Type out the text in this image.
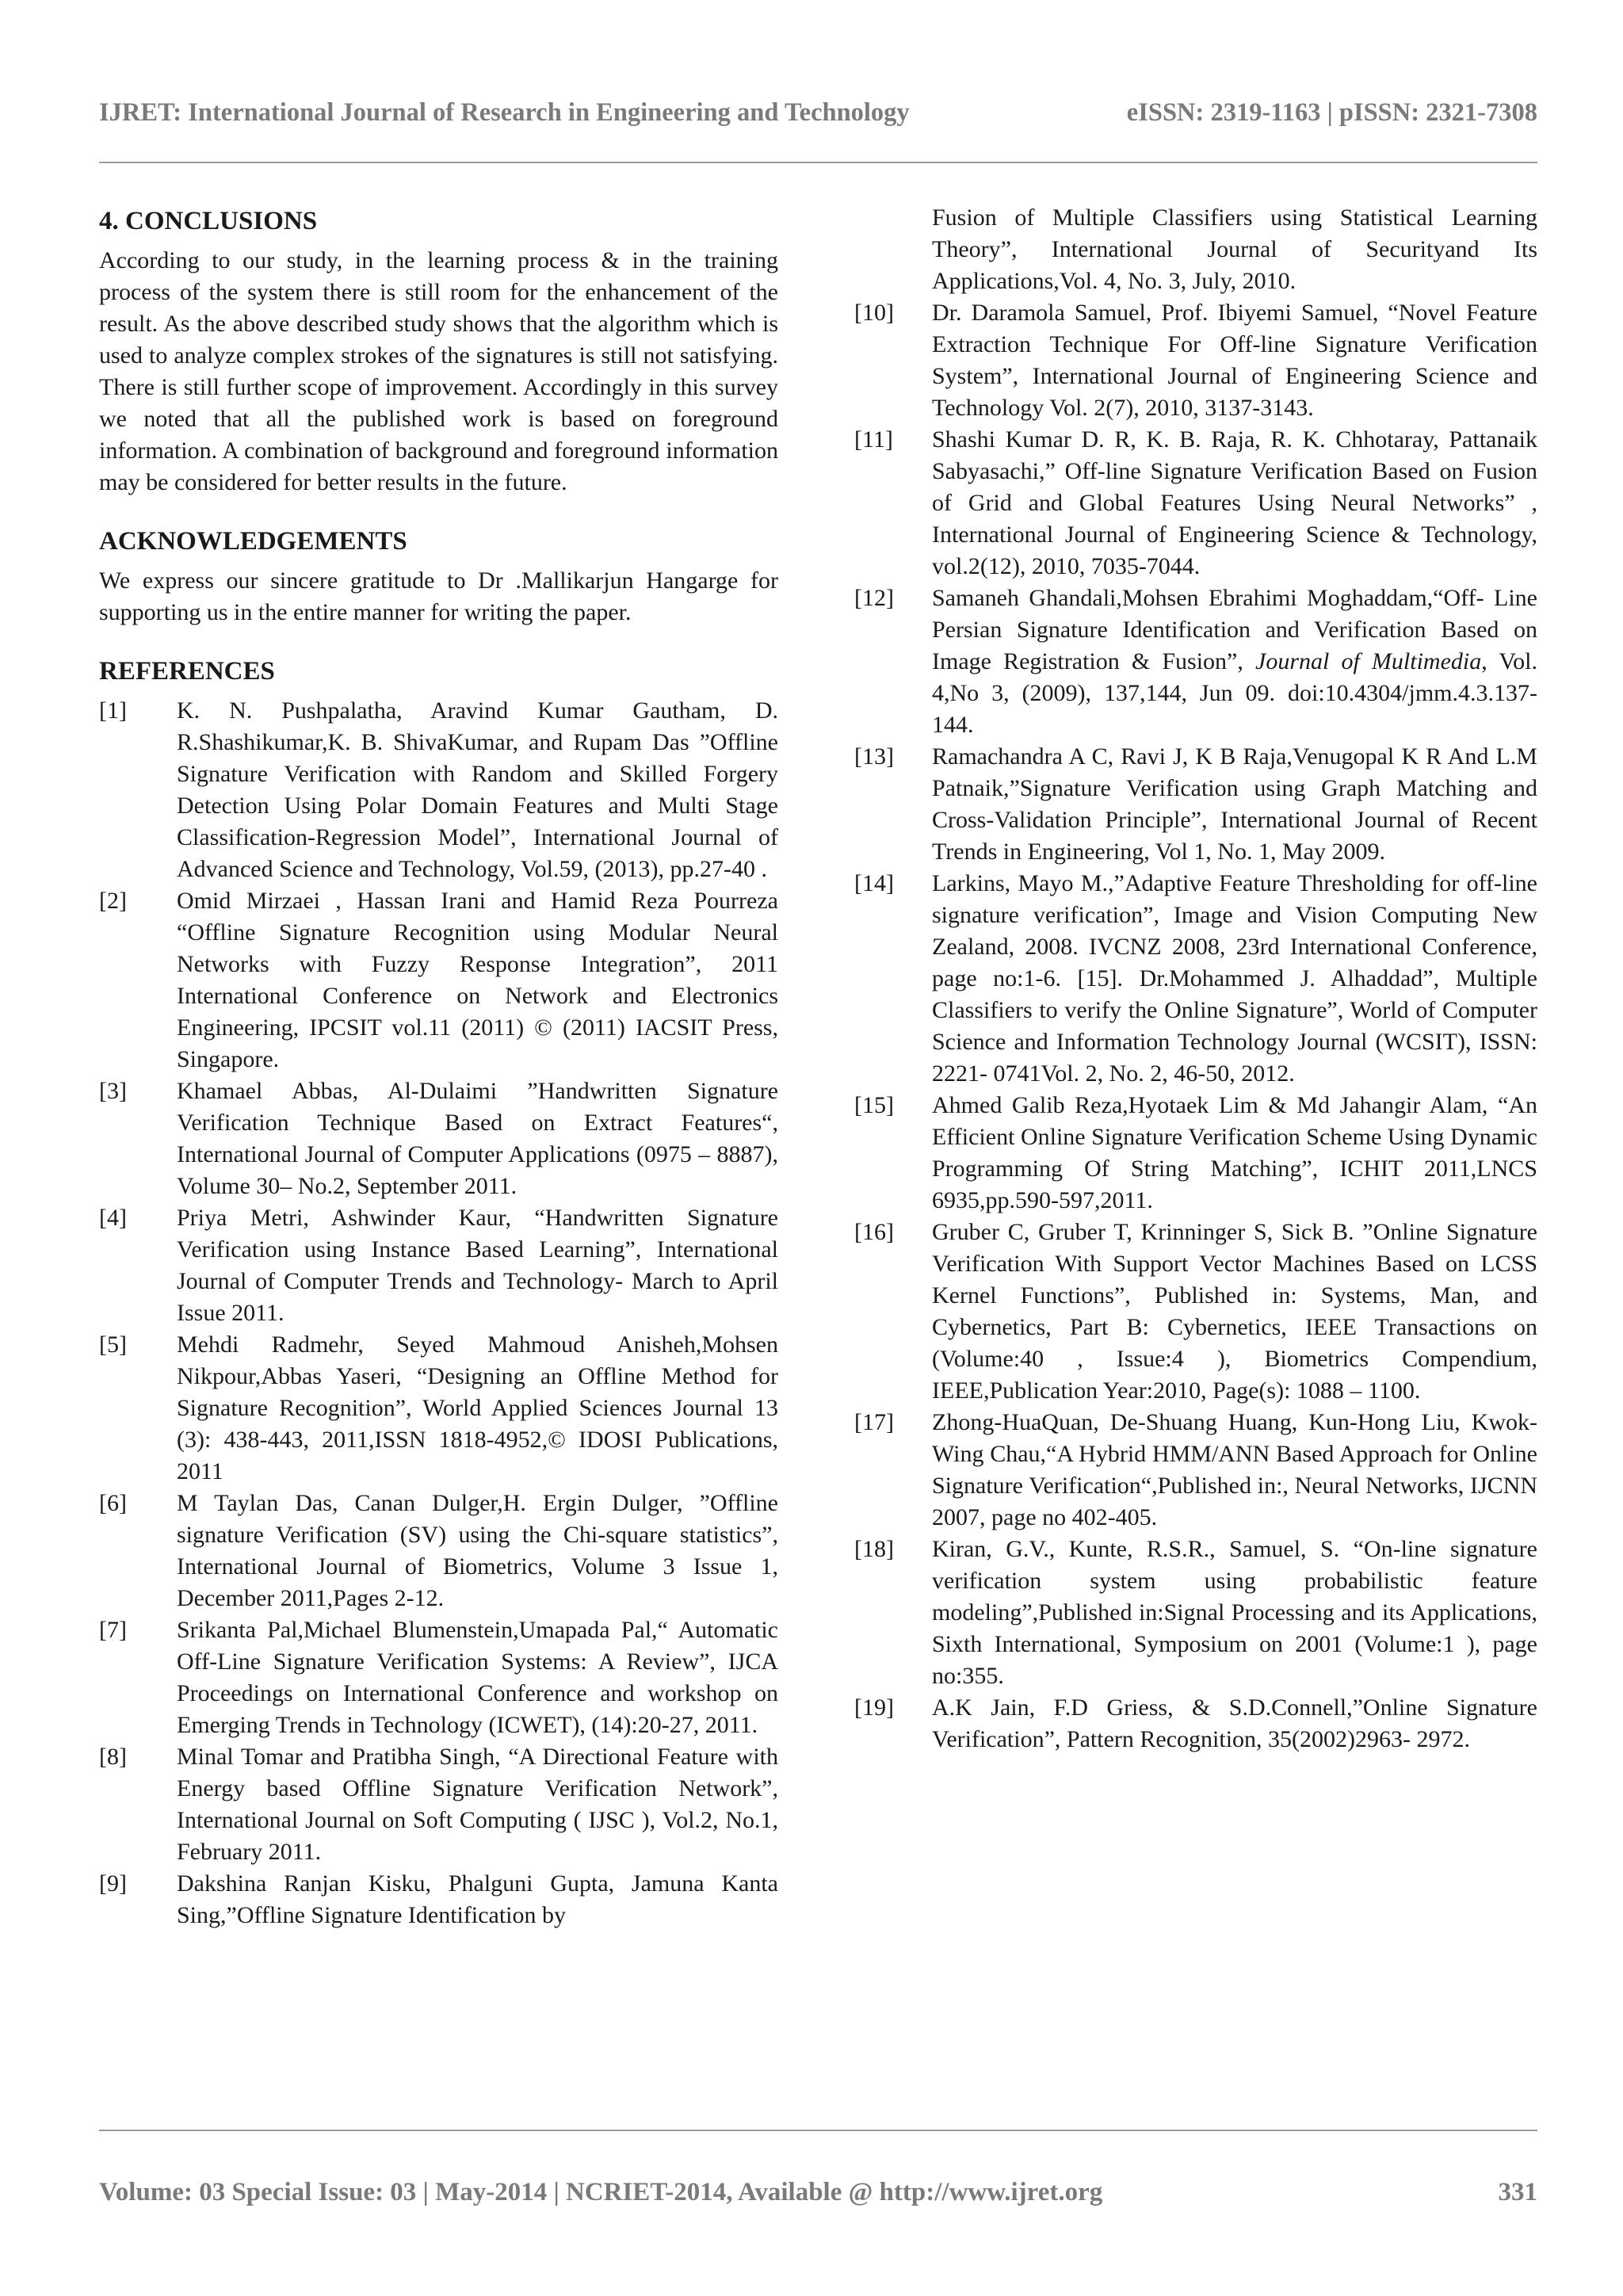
IJRET: International Journal of Research in Engineering and Technology	eISSN: 2319-1163 | pISSN: 2321-7308
4. CONCLUSIONS

According to our study, in the learning process & in the training process of the system there is still room for the enhancement of the result. As the above described study shows that the algorithm which is used to analyze complex strokes of the signatures is still not satisfying. There is still further scope of improvement. Accordingly in this survey we noted that all the published work is based on foreground information. A combination of background and foreground information may be considered for better results in the future.

ACKNOWLEDGEMENTS

We express our sincere gratitude to Dr .Mallikarjun Hangarge for supporting us in the entire manner for writing the paper.

REFERENCES
[1] K. N. Pushpalatha, Aravind Kumar Gautham, D. R.Shashikumar,K. B. ShivaKumar, and Rupam Das ”Offline Signature Verification with Random and Skilled Forgery Detection Using Polar Domain Features and Multi Stage Classification-Regression Model”, International Journal of Advanced Science and Technology, Vol.59, (2013), pp.27-40 .
[2] Omid Mirzaei , Hassan Irani and Hamid Reza Pourreza “Offline Signature Recognition using Modular Neural Networks with Fuzzy Response Integration”, 2011 International Conference on Network and Electronics Engineering, IPCSIT vol.11 (2011) © (2011) IACSIT Press, Singapore.
[3] Khamael Abbas, Al-Dulaimi ”Handwritten Signature Verification Technique Based on Extract Features“, International Journal of Computer Applications (0975 – 8887), Volume 30– No.2, September 2011.
[4] Priya Metri, Ashwinder Kaur, “Handwritten Signature Verification using Instance Based Learning”, International Journal of Computer Trends and Technology- March to April Issue 2011.
[5] Mehdi Radmehr, Seyed Mahmoud Anisheh,Mohsen Nikpour,Abbas Yaseri, “Designing an Offline Method for Signature Recognition”, World Applied Sciences Journal 13 (3): 438-443, 2011,ISSN 1818-4952,© IDOSI Publications, 2011
[6] M Taylan Das, Canan Dulger,H. Ergin Dulger, ”Offline signature Verification (SV) using the Chi-square statistics”, International Journal of Biometrics, Volume 3 Issue 1, December 2011,Pages 2-12.
[7] Srikanta Pal,Michael Blumenstein,Umapada Pal,“ Automatic Off-Line Signature Verification Systems: A Review”, IJCA Proceedings on International Conference and workshop on Emerging Trends in Technology (ICWET), (14):20-27, 2011.
[8] Minal Tomar and Pratibha Singh, “A Directional Feature with Energy based Offline Signature Verification Network”, International Journal on Soft Computing ( IJSC ), Vol.2, No.1, February 2011.
[9] Dakshina Ranjan Kisku, Phalguni Gupta, Jamuna Kanta Sing,”Offline Signature Identification by

Fusion of Multiple Classifiers using Statistical Learning Theory”, International Journal of Securityand Its Applications,Vol. 4, No. 3, July, 2010.

[10] Dr. Daramola Samuel, Prof. Ibiyemi Samuel, “Novel Feature Extraction Technique For Off-line Signature Verification System”, International Journal of Engineering Science and Technology Vol. 2(7), 2010, 3137-3143.
[11] Shashi Kumar D. R, K. B. Raja, R. K. Chhotaray, Pattanaik Sabyasachi,” Off-line Signature Verification Based on Fusion of Grid and Global Features Using Neural Networks” , International Journal of Engineering Science & Technology, vol.2(12), 2010, 7035-7044.
[12] Samaneh Ghandali,Mohsen Ebrahimi Moghaddam,“Off- Line Persian Signature Identification and Verification Based on Image Registration & Fusion”, Journal of Multimedia, Vol. 4,No 3, (2009), 137,144, Jun 09. doi:10.4304/jmm.4.3.137-144.
[13] Ramachandra A C, Ravi J, K B Raja,Venugopal K R And L.M Patnaik,”Signature Verification using Graph Matching and Cross-Validation Principle”, International Journal of Recent Trends in Engineering, Vol 1, No. 1, May 2009.
[14] Larkins, Mayo M.,”Adaptive Feature Thresholding for off-line signature verification”, Image and Vision Computing New Zealand, 2008. IVCNZ 2008, 23rd International Conference, page no:1-6. [15]. Dr.Mohammed J. Alhaddad”, Multiple Classifiers to verify the Online Signature”, World of Computer Science and Information Technology Journal (WCSIT), ISSN: 2221- 0741Vol. 2, No. 2, 46-50, 2012.
[15] Ahmed Galib Reza,Hyotaek Lim & Md Jahangir Alam, “An Efficient Online Signature Verification Scheme Using Dynamic Programming Of String Matching”, ICHIT 2011,LNCS 6935,pp.590-597,2011.
[16] Gruber C, Gruber T, Krinninger S, Sick B. ”Online Signature Verification With Support Vector Machines Based on LCSS Kernel Functions”, Published in: Systems, Man, and Cybernetics, Part B: Cybernetics, IEEE Transactions on (Volume:40 , Issue:4 ), Biometrics Compendium, IEEE,Publication Year:2010, Page(s): 1088 – 1100.
[17] Zhong-HuaQuan, De-Shuang Huang, Kun-Hong Liu, Kwok-Wing Chau,“A Hybrid HMM/ANN Based Approach for Online Signature Verification“,Published in:, Neural Networks, IJCNN 2007, page no 402-405.
[18] Kiran, G.V., Kunte, R.S.R., Samuel, S. “On-line signature verification system using probabilistic feature modeling”,Published in:Signal Processing and its Applications, Sixth International, Symposium on 2001 (Volume:1 ), page no:355.
[19] A.K Jain, F.D Griess, & S.D.Connell,”Online Signature Verification”, Pattern Recognition, 35(2002)2963- 2972.
Volume: 03 Special Issue: 03 | May-2014 | NCRIET-2014, Available @ http://www.ijret.org	331
